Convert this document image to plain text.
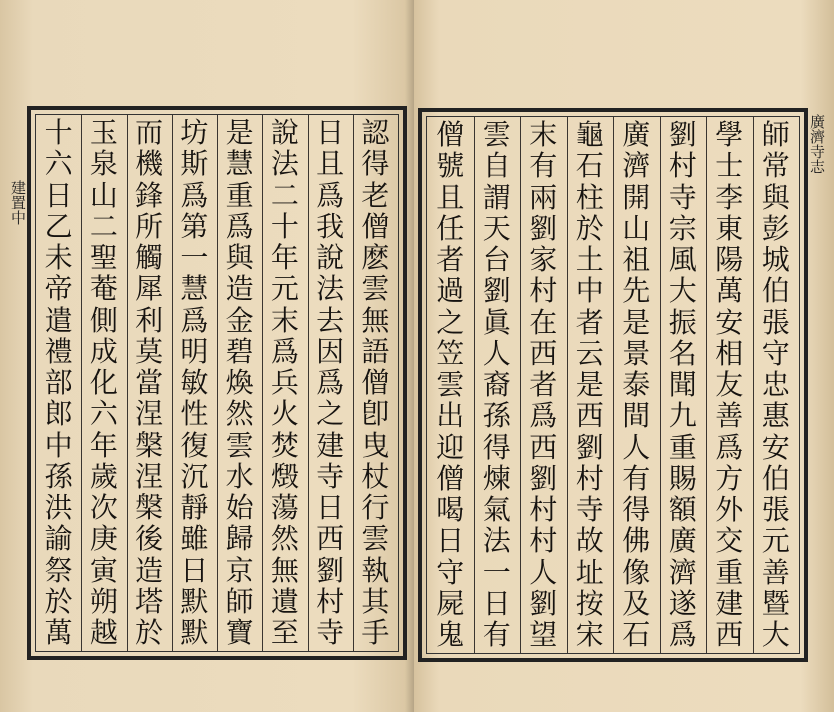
建置中
十
六
日
乙
未
帝
遣
禮
部
郎
中
孫
洪
諭
祭
於
萬
玉
泉
山
二
聖
菴
側
成
化
六
年
歲
次
庚
寅
朔
越
而
機
鋒
所
觸
犀
利
莫
當
涅
槃
涅
槃
後
造
塔
於
坊
斯
爲
第
一
慧
爲
明
敏
性
復
沉
靜
雖
日
默
默
是
慧
重
爲
與
造
金
碧
煥
然
雲
水
始
歸
京
師
寶
說
法
二
十
年
元
末
爲
兵
火
焚
燬
蕩
然
無
遺
至
日
且
爲
我
說
法
去
因
爲
之
建
寺
日
西
劉
村
寺
認
得
老
僧
麽
雲
無
語
僧
卽
曳
杖
行
雲
執
其
手
僧
號
且
任
者
過
之
笠
雲
出
迎
僧
喝
日
守
屍
鬼
雲
自
謂
天
台
劉
眞
人
裔
孫
得
煉
氣
法
一
日
有
末
有
兩
劉
家
村
在
西
者
爲
西
劉
村
村
人
劉
望
龜
石
柱
於
土
中
者
云
是
西
劉
村
寺
故
址
按
宋
廣
濟
開
山
祖
先
是
景
泰
間
人
有
得
佛
像
及
石
劉
村
寺
宗
風
大
振
名
聞
九
重
賜
額
廣
濟
遂
爲
學
士
李
東
陽
萬
安
相
友
善
爲
方
外
交
重
建
西
師
常
與
彭
城
伯
張
守
忠
惠
安
伯
張
元
善
暨
大
廣濟寺志
